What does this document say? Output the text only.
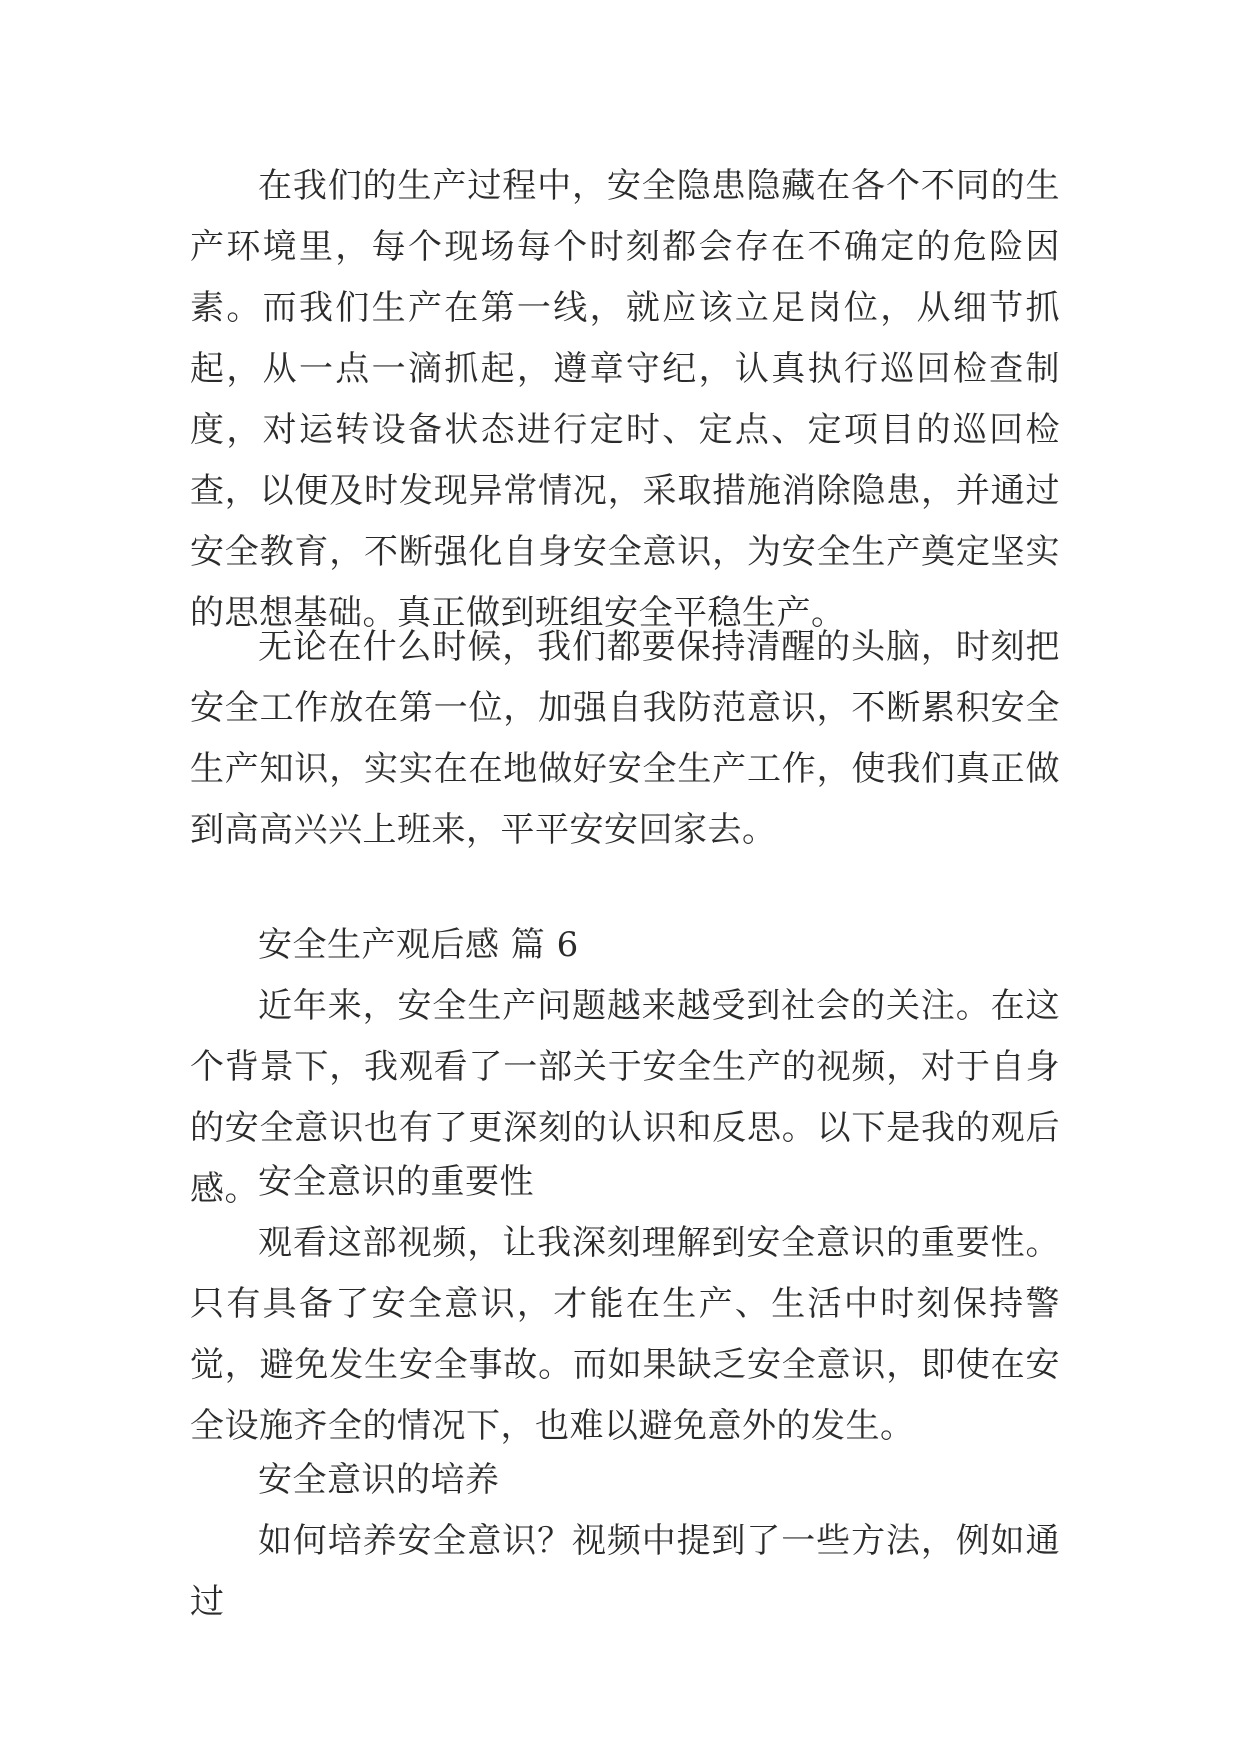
在我们的生产过程中，安全隐患隐藏在各个不同的生产环境里，每个现场每个时刻都会存在不确定的危险因素。而我们生产在第一线，就应该立足岗位，从细节抓起，从一点一滴抓起，遵章守纪，认真执行巡回检查制度，对运转设备状态进行定时、定点、定项目的巡回检查，以便及时发现异常情况，采取措施消除隐患，并通过安全教育，不断强化自身安全意识，为安全生产奠定坚实的思想基础。真正做到班组安全平稳生产。

无论在什么时候，我们都要保持清醒的头脑，时刻把安全工作放在第一位，加强自我防范意识，不断累积安全生产知识，实实在在地做好安全生产工作，使我们真正做到高高兴兴上班来，平平安安回家去。

安全生产观后感 篇 6

近年来，安全生产问题越来越受到社会的关注。在这个背景下，我观看了一部关于安全生产的视频，对于自身的安全意识也有了更深刻的认识和反思。以下是我的观后感。 安全意识的重要性

观看这部视频，让我深刻理解到安全意识的重要性。只有具备了安全意识，才能在生产、生活中时刻保持警觉，避免发生安全事故。而如果缺乏安全意识，即使在安全设施齐全的情况下，也难以避免意外的发生。

安全意识的培养

如何培养安全意识？视频中提到了一些方法，例如通过
